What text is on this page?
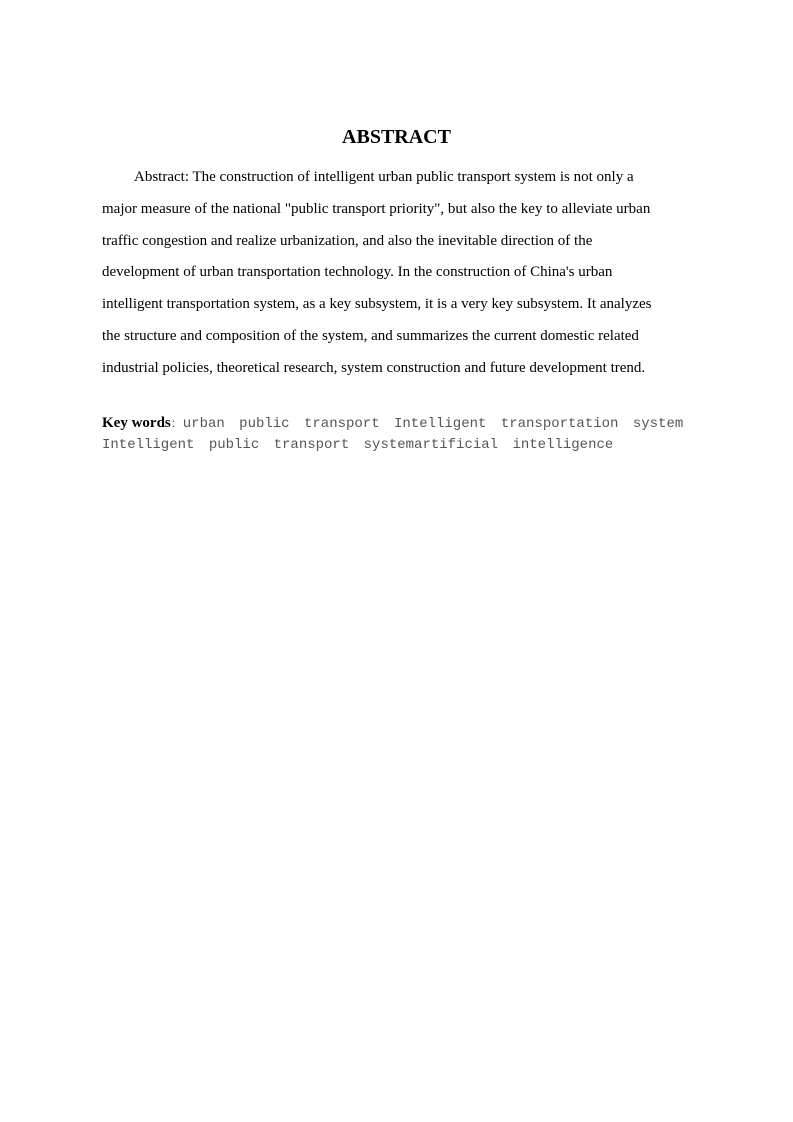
ABSTRACT
Abstract: The construction of intelligent urban public transport system is not only a
major measure of the national "public transport priority", but also the key to alleviate urban
traffic congestion and realize urbanization, and also the inevitable direction of the
development of urban transportation technology. In the construction of China's urban
intelligent transportation system, as a key subsystem, it is a very key subsystem. It analyzes
the structure and composition of the system, and summarizes the current domestic related
industrial policies, theoretical research, system construction and future development trend.
Key words：urban public transport Intelligent transportation system
Intelligent public transport systemartificial intelligence
